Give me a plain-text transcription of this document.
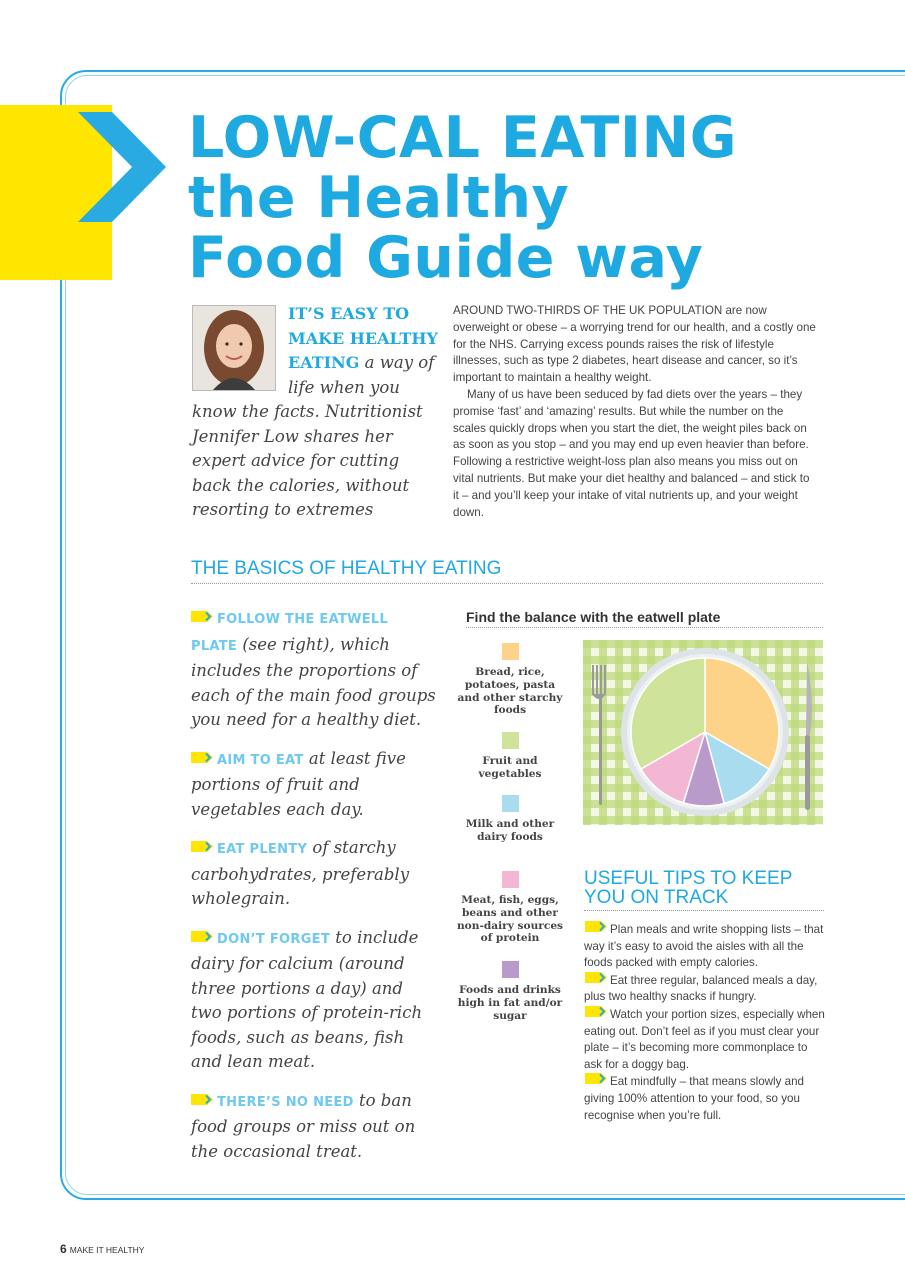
LOW-CAL EATING
the Healthy
Food Guide way

IT’S EASY TO MAKE HEALTHY EATING a way of life when you know the facts. Nutritionist Jennifer Low shares her expert advice for cutting back the calories, without resorting to extremes

AROUND TWO-THIRDS OF THE UK POPULATION are now overweight or obese – a worrying trend for our health, and a costly one for the NHS. Carrying excess pounds raises the risk of lifestyle illnesses, such as type 2 diabetes, heart disease and cancer, so it’s important to maintain a healthy weight.

Many of us have been seduced by fad diets over the years – they promise ‘fast’ and ‘amazing’ results. But while the number on the scales quickly drops when you start the diet, the weight piles back on as soon as you stop – and you may end up even heavier than before. Following a restrictive weight-loss plan also means you miss out on vital nutrients. But make your diet healthy and balanced – and stick to it – and you’ll keep your intake of vital nutrients up, and your weight down.

THE BASICS OF HEALTHY EATING

FOLLOW THE EATWELL PLATE (see right), which includes the proportions of each of the main food groups you need for a healthy diet.

AIM TO EAT at least five portions of fruit and vegetables each day.

EAT PLENTY of starchy carbohydrates, preferably wholegrain.

DON’T FORGET to include dairy for calcium (around three portions a day) and two portions of protein-rich foods, such as beans, fish and lean meat.

THERE’S NO NEED to ban food groups or miss out on the occasional treat.

Find the balance with the eatwell plate
Bread, rice, potatoes, pasta and other starchy foods
Fruit and vegetables
Milk and other dairy foods
Meat, fish, eggs, beans and other non-dairy sources of protein
Foods and drinks high in fat and/or sugar
USEFUL TIPS TO KEEP YOU ON TRACK

Plan meals and write shopping lists – that way it’s easy to avoid the aisles with all the foods packed with empty calories.

Eat three regular, balanced meals a day, plus two healthy snacks if hungry.

Watch your portion sizes, especially when eating out. Don’t feel as if you must clear your plate – it’s becoming more commonplace to ask for a doggy bag.

Eat mindfully – that means slowly and giving 100% attention to your food, so you recognise when you’re full.

6 MAKE IT HEALTHY
